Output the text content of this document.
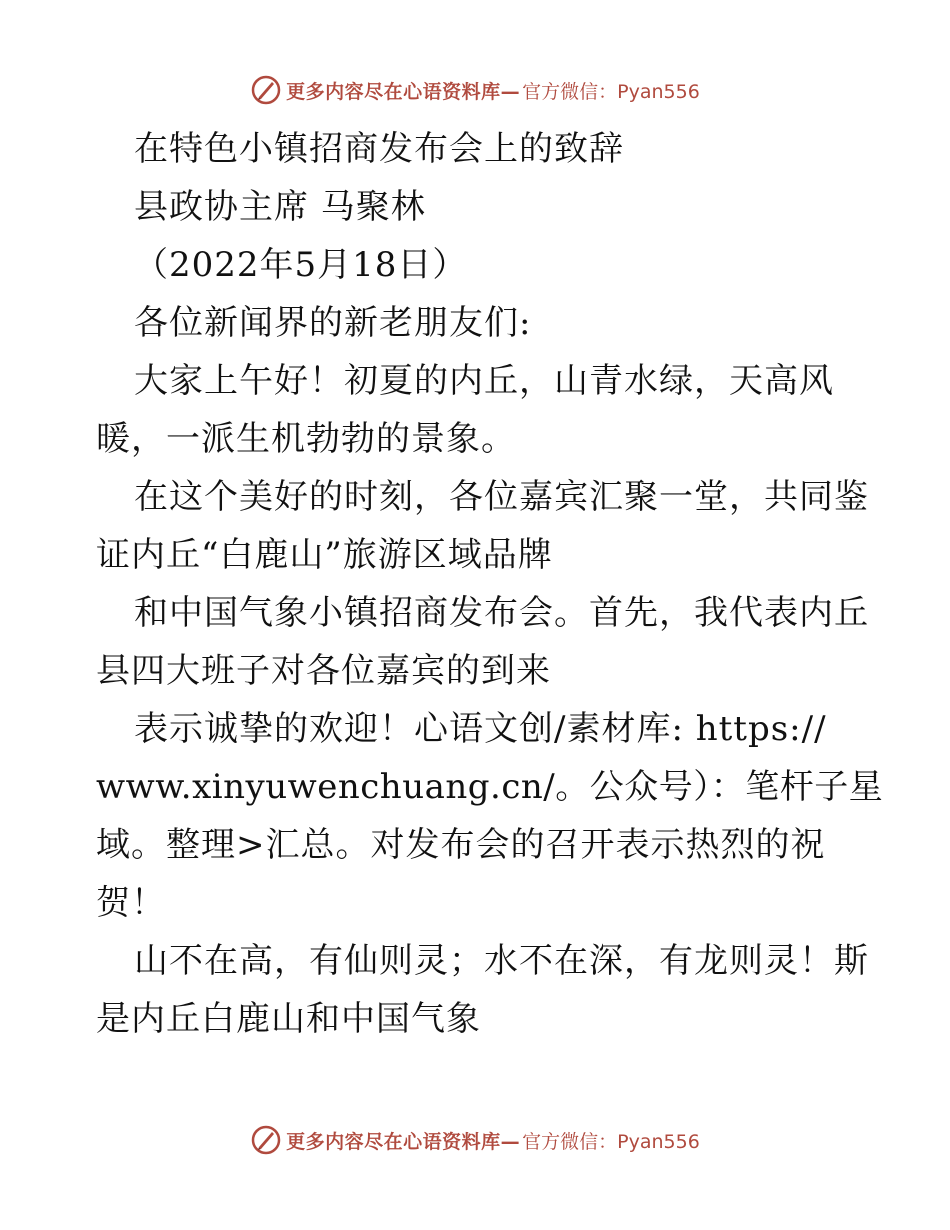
更多内容尽在心语资料库— 官方微信：Pyan556
在特色小镇招商发布会上的致辞
县政协主席 马聚林
（2022年5月18日）
各位新闻界的新老朋友们:
大家上午好！初夏的内丘，山青水绿，天高风
暖，一派生机勃勃的景象。
在这个美好的时刻，各位嘉宾汇聚一堂，共同鉴
证内丘“白鹿山”旅游区域品牌
和中国气象小镇招商发布会。首先，我代表内丘
县四大班子对各位嘉宾的到来
表示诚挚的欢迎！心语文创/素材库: https://
www.xinyuwenchuang.cn/。公众号）：笔杆子星
域。整理>汇总。对发布会的召开表示热烈的祝
贺！
山不在高，有仙则灵；水不在深，有龙则灵！斯
是内丘白鹿山和中国气象
更多内容尽在心语资料库— 官方微信：Pyan556
